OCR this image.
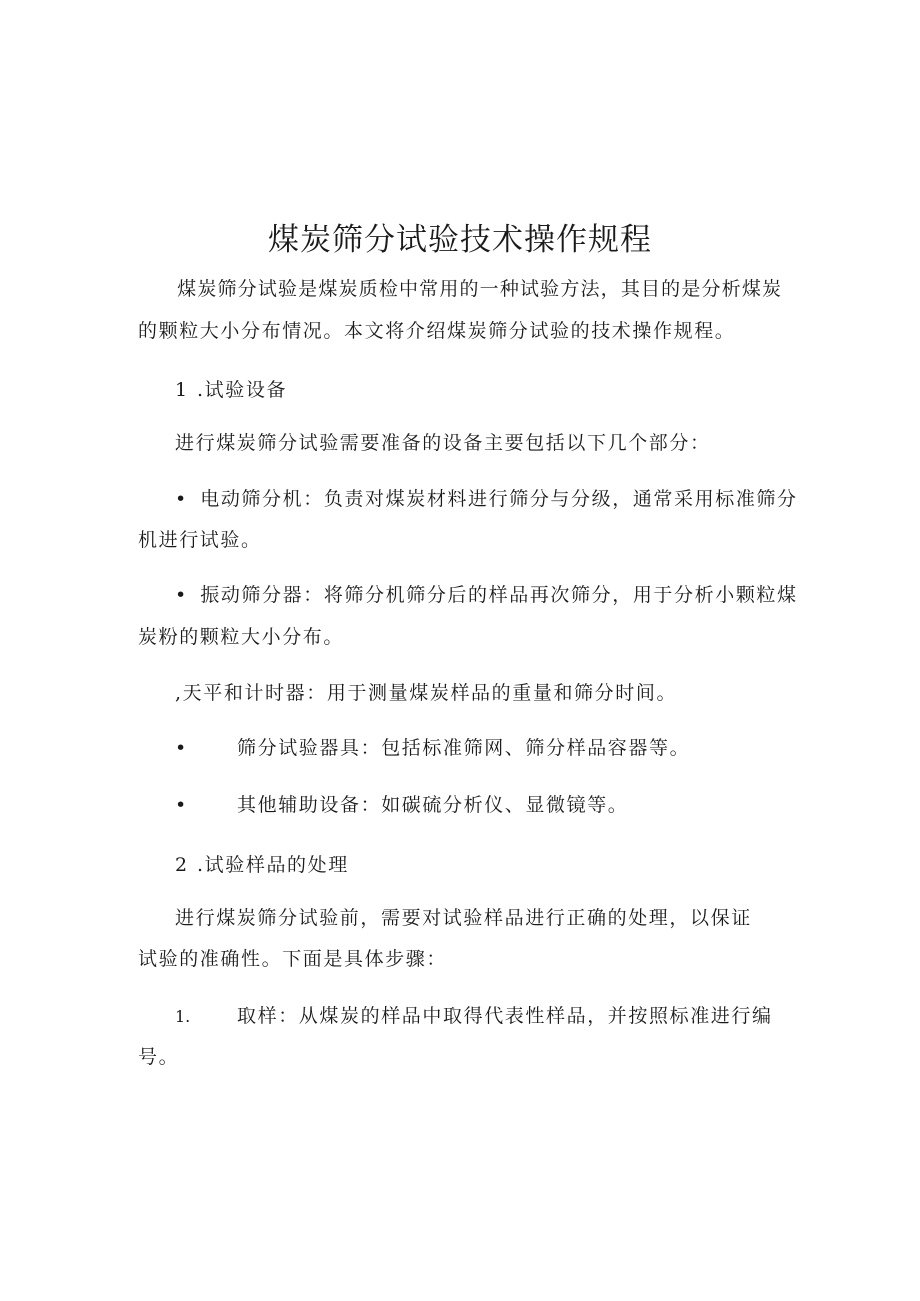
煤炭筛分试验技术操作规程

煤炭筛分试验是煤炭质检中常用的一种试验方法，其目的是分析煤炭

的颗粒大小分布情况。本文将介绍煤炭筛分试验的技术操作规程。

1 .试验设备

进行煤炭筛分试验需要准备的设备主要包括以下几个部分：

• 电动筛分机：负责对煤炭材料进行筛分与分级，通常采用标准筛分

机进行试验。

• 振动筛分器：将筛分机筛分后的样品再次筛分，用于分析小颗粒煤

炭粉的颗粒大小分布。

,天平和计时器：用于测量煤炭样品的重量和筛分时间。

•	筛分试验器具：包括标准筛网、筛分样品容器等。

•	其他辅助设备：如碳硫分析仪、显微镜等。

2 .试验样品的处理

进行煤炭筛分试验前，需要对试验样品进行正确的处理，以保证

试验的准确性。下面是具体步骤：

1. 取样：从煤炭的样品中取得代表性样品，并按照标准进行编

号。
